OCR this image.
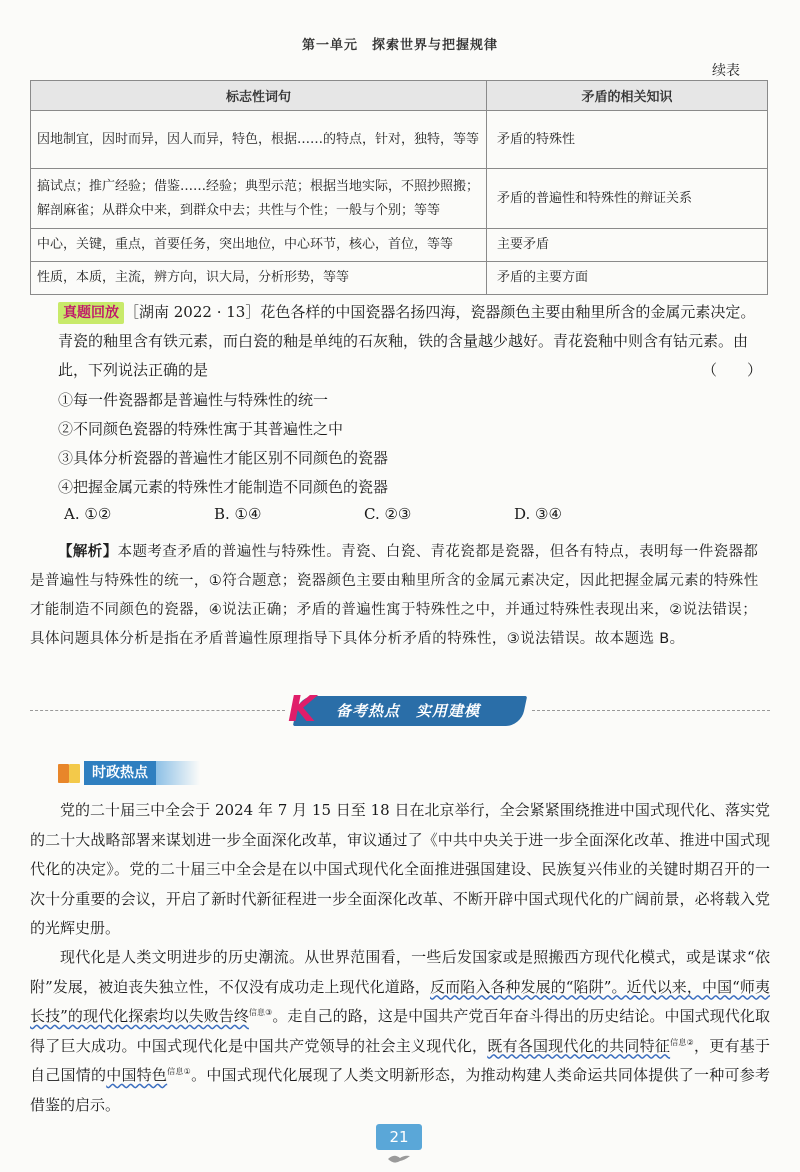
第一单元　探索世界与把握规律
续表
标志性词句	矛盾的相关知识
因地制宜，因时而异，因人而异，特色，根据……的特点，针对，独特，等等	矛盾的特殊性
搞试点；推广经验；借鉴……经验；典型示范；根据当地实际，不照抄照搬；解剖麻雀；从群众中来，到群众中去；共性与个性；一般与个别；等等	矛盾的普遍性和特殊性的辩证关系
中心，关键，重点，首要任务，突出地位，中心环节，核心，首位，等等	主要矛盾
性质，本质，主流，辨方向，识大局，分析形势，等等	矛盾的主要方面
真题回放 ［湖南 2022 · 13］花色各样的中国瓷器名扬四海，瓷器颜色主要由釉里所含的金属元素决定。青瓷的釉里含有铁元素，而白瓷的釉是单纯的石灰釉，铁的含量越少越好。青花瓷釉中则含有钴元素。由此，下列说法正确的是	（　　）
①每一件瓷器都是普遍性与特殊性的统一
②不同颜色瓷器的特殊性寓于其普遍性之中
③具体分析瓷器的普遍性才能区别不同颜色的瓷器
④把握金属元素的特殊性才能制造不同颜色的瓷器
A. ①②	B. ①④	C. ②③	D. ③④
【解析】本题考查矛盾的普遍性与特殊性。青瓷、白瓷、青花瓷都是瓷器，但各有特点，表明每一件瓷器都是普遍性与特殊性的统一，①符合题意；瓷器颜色主要由釉里所含的金属元素决定，因此把握金属元素的特殊性才能制造不同颜色的瓷器，④说法正确；矛盾的普遍性寓于特殊性之中，并通过特殊性表现出来，②说法错误；具体问题具体分析是指在矛盾普遍性原理指导下具体分析矛盾的特殊性，③说法错误。故本题选 B。
K 备考热点　实用建模
时政热点

党的二十届三中全会于 2024 年 7 月 15 日至 18 日在北京举行，全会紧紧围绕推进中国式现代化、落实党的二十大战略部署来谋划进一步全面深化改革，审议通过了《中共中央关于进一步全面深化改革、推进中国式现代化的决定》。党的二十届三中全会是在以中国式现代化全面推进强国建设、民族复兴伟业的关键时期召开的一次十分重要的会议，开启了新时代新征程进一步全面深化改革、不断开辟中国式现代化的广阔前景，必将载入党的光辉史册。

现代化是人类文明进步的历史潮流。从世界范围看，一些后发国家或是照搬西方现代化模式，或是谋求“依附”发展，被迫丧失独立性，不仅没有成功走上现代化道路，反而陷入各种发展的“陷阱”。近代以来，中国“师夷长技”的现代化探索均以失败告终$^{信息③}$。走自己的路，这是中国共产党百年奋斗得出的历史结论。中国式现代化取得了巨大成功。中国式现代化是中国共产党领导的社会主义现代化，既有各国现代化的共同特征$^{信息②}$，更有基于自己国情的中国特色$^{信息①}$。中国式现代化展现了人类文明新形态，为推动构建人类命运共同体提供了一种可参考借鉴的启示。

21
